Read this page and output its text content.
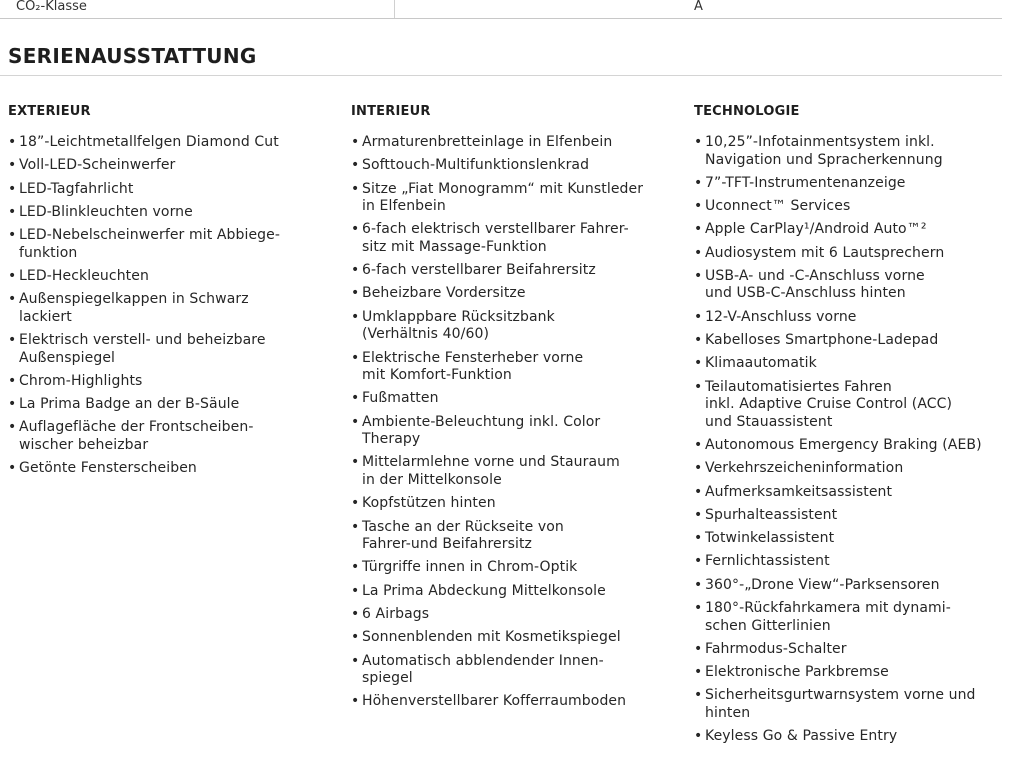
CO₂-Klasse	A
SERIENAUSSTATTUNG
EXTERIEUR
• 18”-Leichtmetallfelgen Diamond Cut
• Voll-LED-Scheinwerfer
• LED-Tagfahrlicht
• LED-Blinkleuchten vorne
• LED-Nebelscheinwerfer mit Abbiege-
funktion
• LED-Heckleuchten
• Außenspiegelkappen in Schwarz
lackiert
• Elektrisch verstell- und beheizbare
Außenspiegel
• Chrom-Highlights
• La Prima Badge an der B-Säule
• Auflagefläche der Frontscheiben-
wischer beheizbar
• Getönte Fensterscheiben
INTERIEUR
• Armaturenbretteinlage in Elfenbein
• Softtouch-Multifunktionslenkrad
• Sitze „Fiat Monogramm“ mit Kunstleder
in Elfenbein
• 6-fach elektrisch verstellbarer Fahrer-
sitz mit Massage-Funktion
• 6-fach verstellbarer Beifahrersitz
• Beheizbare Vordersitze
• Umklappbare Rücksitzbank
(Verhältnis 40/60)
• Elektrische Fensterheber vorne
mit Komfort-Funktion
• Fußmatten
• Ambiente-Beleuchtung inkl. Color
Therapy
• Mittelarmlehne vorne und Stauraum
in der Mittelkonsole
• Kopfstützen hinten
• Tasche an der Rückseite von
Fahrer-und Beifahrersitz
• Türgriffe innen in Chrom-Optik
• La Prima Abdeckung Mittelkonsole
• 6 Airbags
• Sonnenblenden mit Kosmetikspiegel
• Automatisch abblendender Innen-
spiegel
• Höhenverstellbarer Kofferraumboden
TECHNOLOGIE
• 10,25”-Infotainmentsystem inkl.
Navigation und Spracherkennung
• 7”-TFT-Instrumentenanzeige
• Uconnect™ Services
• Apple CarPlay¹/Android Auto™²
• Audiosystem mit 6 Lautsprechern
• USB-A- und -C-Anschluss vorne
und USB-C-Anschluss hinten
• 12-V-Anschluss vorne
• Kabelloses Smartphone-Ladepad
• Klimaautomatik
• Teilautomatisiertes Fahren
inkl. Adaptive Cruise Control (ACC)
und Stauassistent
• Autonomous Emergency Braking (AEB)
• Verkehrszeicheninformation
• Aufmerksamkeitsassistent
• Spurhalteassistent
• Totwinkelassistent
• Fernlichtassistent
• 360°-„Drone View“-Parksensoren
• 180°-Rückfahrkamera mit dynami-
schen Gitterlinien
• Fahrmodus-Schalter
• Elektronische Parkbremse
• Sicherheitsgurtwarnsystem vorne und
hinten
• Keyless Go & Passive Entry
